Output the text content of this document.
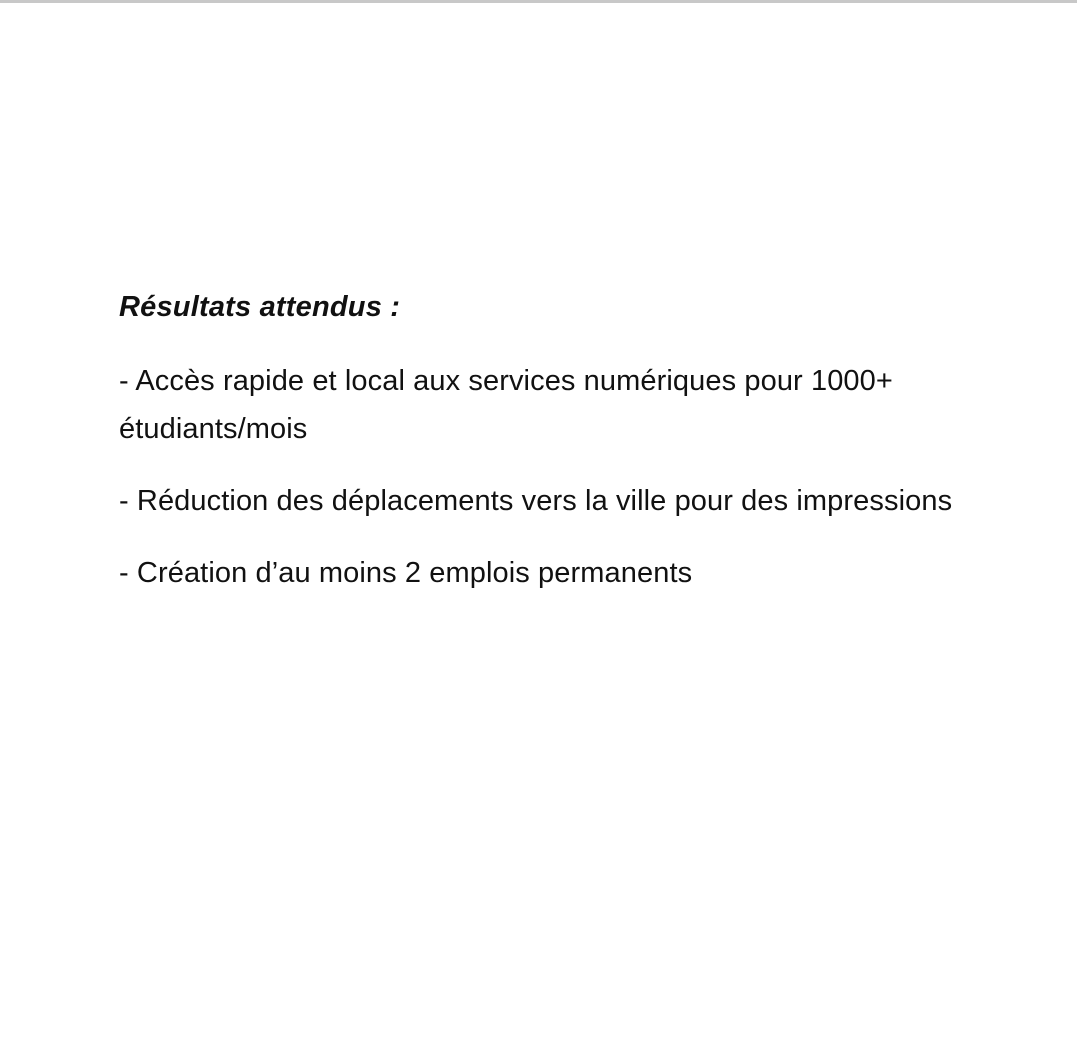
Résultats attendus :
- Accès rapide et local aux services numériques pour 1000+ étudiants/mois
- Réduction des déplacements vers la ville pour des impressions
- Création d’au moins 2 emplois permanents
